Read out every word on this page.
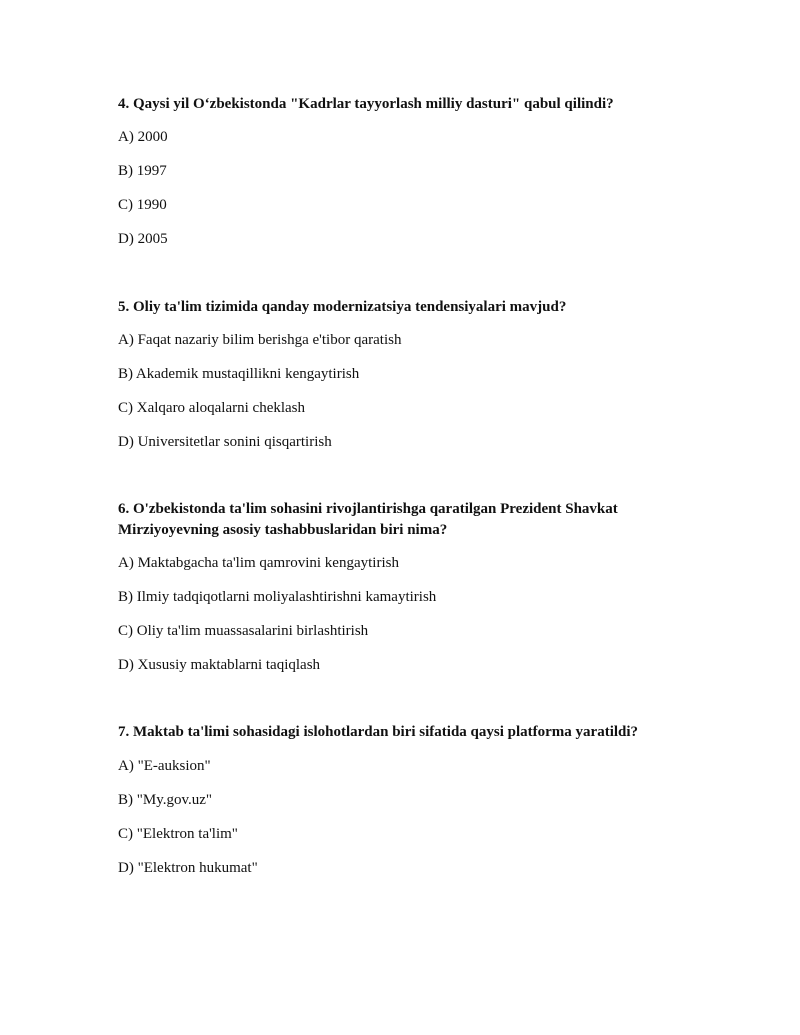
4. Qaysi yil O‘zbekistonda "Kadrlar tayyorlash milliy dasturi" qabul qilindi?

A) 2000

B) 1997

C) 1990

D) 2005

5. Oliy ta'lim tizimida qanday modernizatsiya tendensiyalari mavjud?

A) Faqat nazariy bilim berishga e'tibor qaratish

B) Akademik mustaqillikni kengaytirish

C) Xalqaro aloqalarni cheklash

D) Universitetlar sonini qisqartirish

6. O'zbekistonda ta'lim sohasini rivojlantirishga qaratilgan Prezident Shavkat Mirziyoyevning asosiy tashabbuslaridan biri nima?

A) Maktabgacha ta'lim qamrovini kengaytirish

B) Ilmiy tadqiqotlarni moliyalashtirishni kamaytirish

C) Oliy ta'lim muassasalarini birlashtirish

D) Xususiy maktablarni taqiqlash

7. Maktab ta'limi sohasidagi islohotlardan biri sifatida qaysi platforma yaratildi?

A) "E-auksion"

B) "My.gov.uz"

C) "Elektron ta'lim"

D) "Elektron hukumat"
